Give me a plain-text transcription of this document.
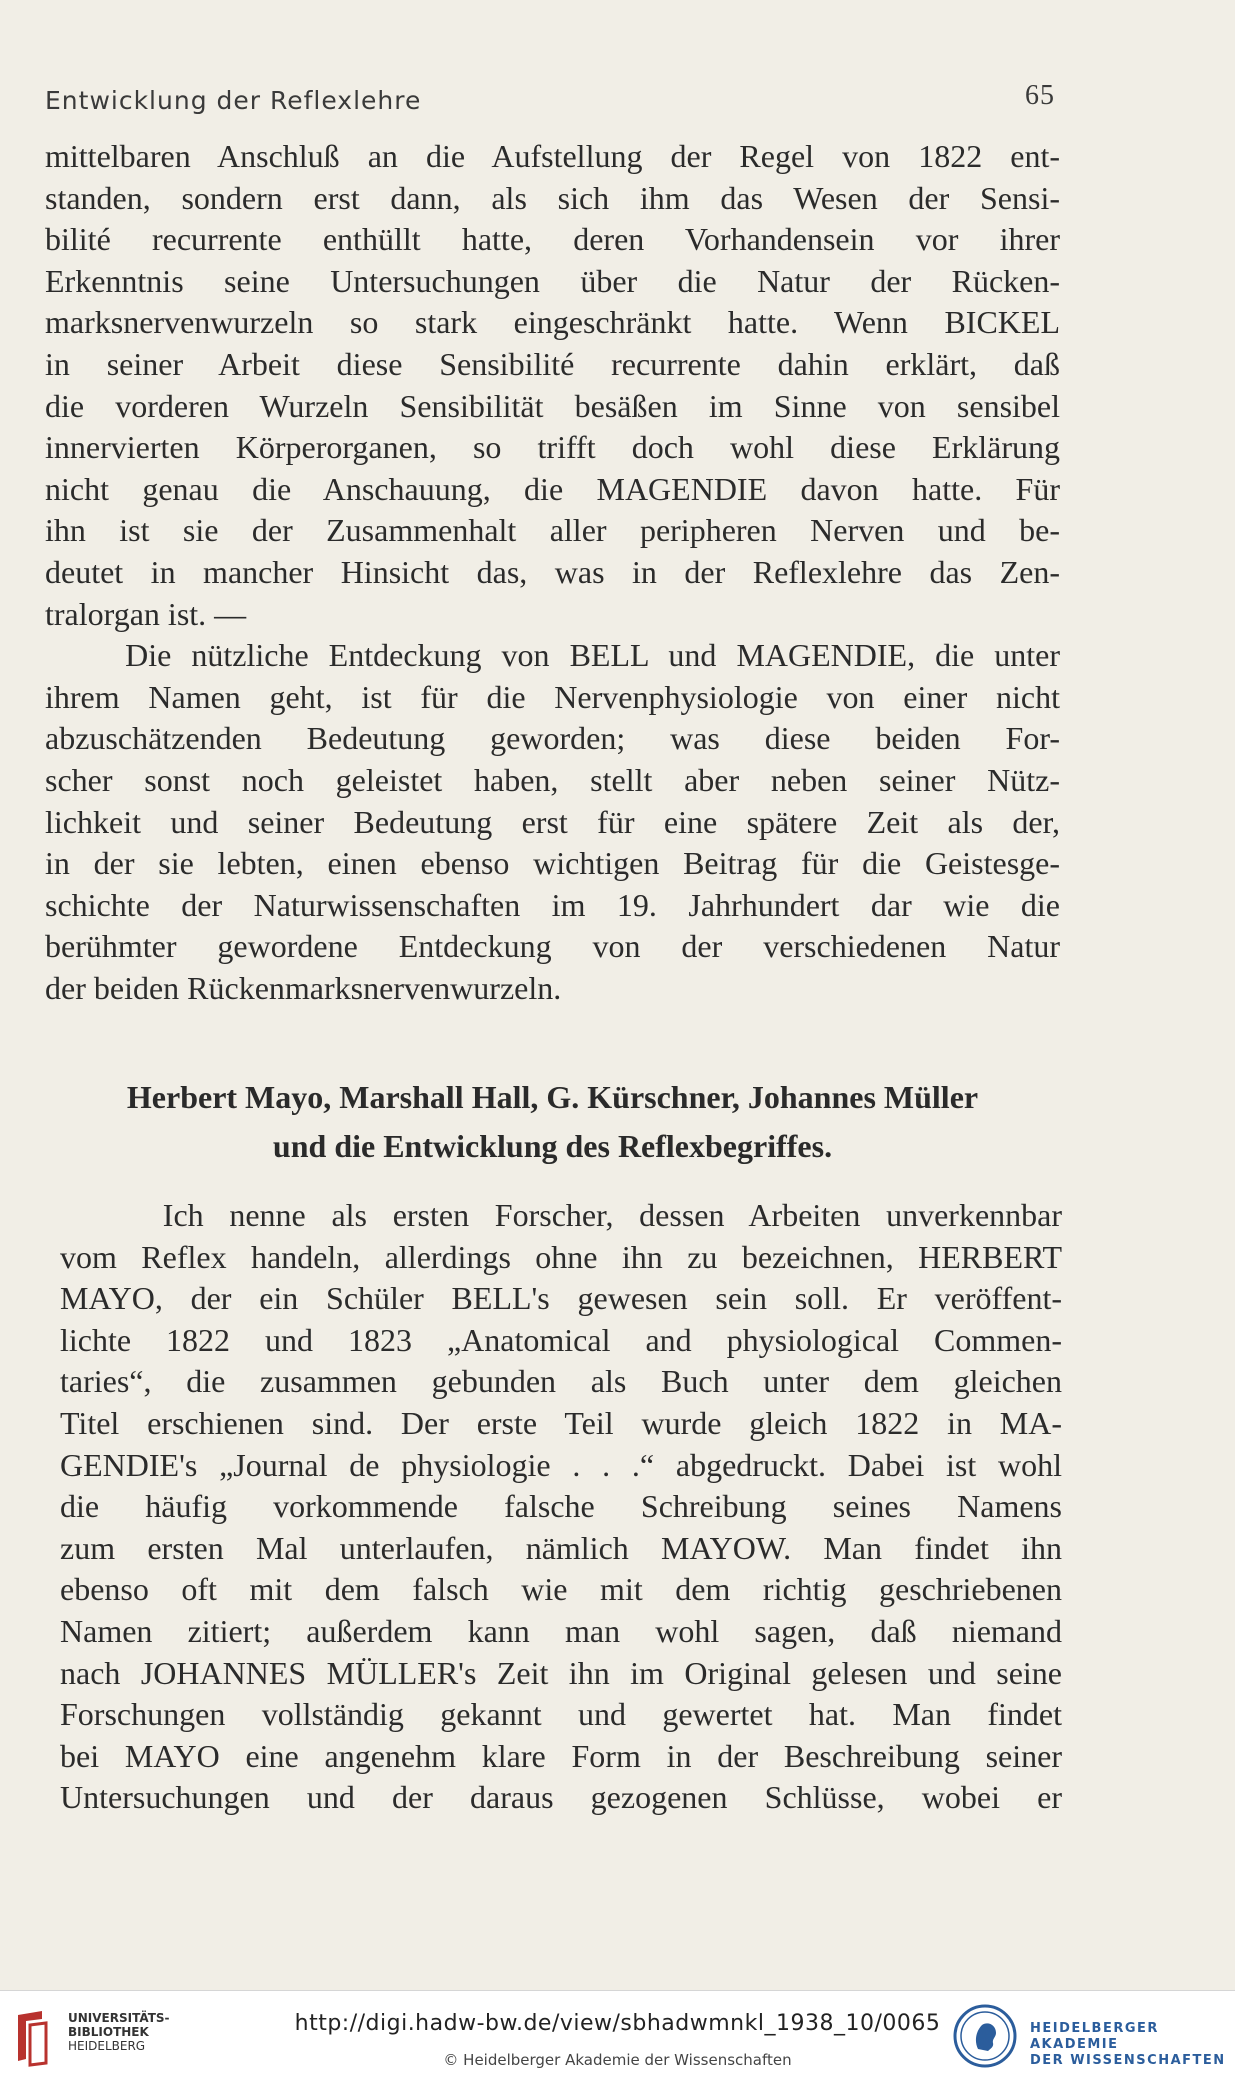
Entwicklung der Reflexlehre	65
mittelbaren Anschluß an die Aufstellung der Regel von 1822 ent-
standen, sondern erst dann, als sich ihm das Wesen der Sensi-
bilité recurrente enthüllt hatte, deren Vorhandensein vor ihrer
Erkenntnis seine Untersuchungen über die Natur der Rücken-
marksnervenwurzeln so stark eingeschränkt hatte. Wenn BICKEL
in seiner Arbeit diese Sensibilité recurrente dahin erklärt, daß
die vorderen Wurzeln Sensibilität besäßen im Sinne von sensibel
innervierten Körperorganen, so trifft doch wohl diese Erklärung
nicht genau die Anschauung, die MAGENDIE davon hatte. Für
ihn ist sie der Zusammenhalt aller peripheren Nerven und be-
deutet in mancher Hinsicht das, was in der Reflexlehre das Zen-
tralorgan ist. —
Die nützliche Entdeckung von BELL und MAGENDIE, die unter
ihrem Namen geht, ist für die Nervenphysiologie von einer nicht
abzuschätzenden Bedeutung geworden; was diese beiden For-
scher sonst noch geleistet haben, stellt aber neben seiner Nütz-
lichkeit und seiner Bedeutung erst für eine spätere Zeit als der,
in der sie lebten, einen ebenso wichtigen Beitrag für die Geistesge-
schichte der Naturwissenschaften im 19. Jahrhundert dar wie die
berühmter gewordene Entdeckung von der verschiedenen Natur
der beiden Rückenmarksnervenwurzeln.
Herbert Mayo, Marshall Hall, G. Kürschner, Johannes Müller
und die Entwicklung des Reflexbegriffes.
Ich nenne als ersten Forscher, dessen Arbeiten unverkennbar
vom Reflex handeln, allerdings ohne ihn zu bezeichnen, HERBERT
MAYO, der ein Schüler BELL's gewesen sein soll. Er veröffent-
lichte 1822 und 1823 „Anatomical and physiological Commen-
taries“, die zusammen gebunden als Buch unter dem gleichen
Titel erschienen sind. Der erste Teil wurde gleich 1822 in MA-
GENDIE's „Journal de physiologie . . .“ abgedruckt. Dabei ist wohl
die häufig vorkommende falsche Schreibung seines Namens
zum ersten Mal unterlaufen, nämlich MAYOW. Man findet ihn
ebenso oft mit dem falsch wie mit dem richtig geschriebenen
Namen zitiert; außerdem kann man wohl sagen, daß niemand
nach JOHANNES MÜLLER's Zeit ihn im Original gelesen und seine
Forschungen vollständig gekannt und gewertet hat. Man findet
bei MAYO eine angenehm klare Form in der Beschreibung seiner
Untersuchungen und der daraus gezogenen Schlüsse, wobei er
UNIVERSITÄTS-
BIBLIOTHEK
HEIDELBERG
http://digi.hadw-bw.de/view/sbhadwmnkl_1938_10/0065
© Heidelberger Akademie der Wissenschaften
HEIDELBERGER AKADEMIE
DER WISSENSCHAFTEN
